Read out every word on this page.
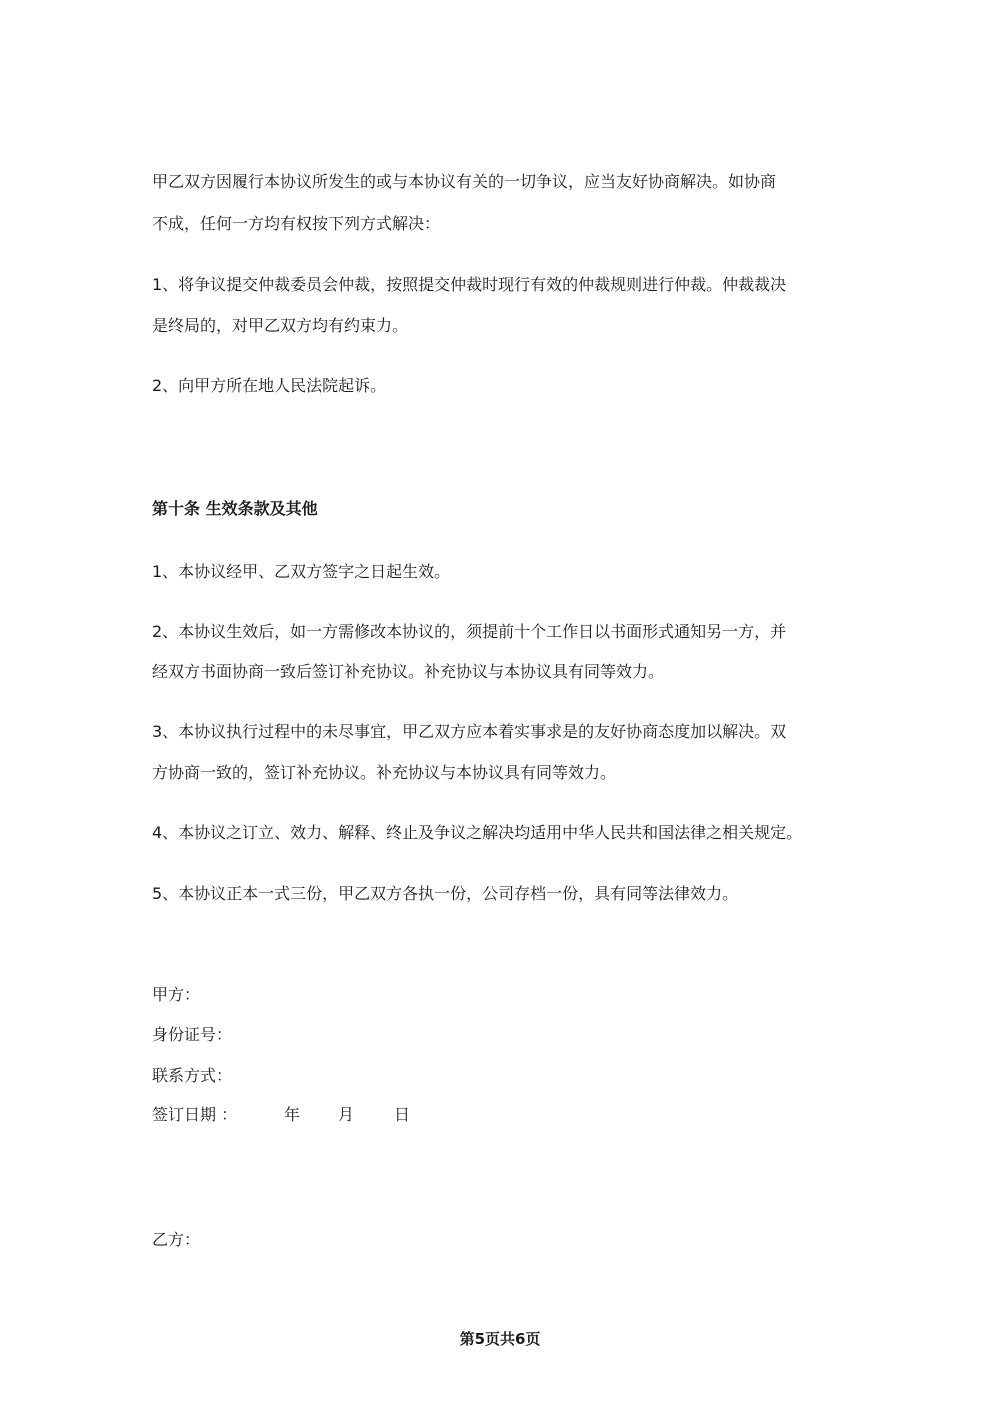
甲乙双方因履行本协议所发生的或与本协议有关的一切争议，应当友好协商解决。如协商
不成，任何一方均有权按下列方式解决：
1、将争议提交仲裁委员会仲裁，按照提交仲裁时现行有效的仲裁规则进行仲裁。仲裁裁决
是终局的，对甲乙双方均有约束力。
2、向甲方所在地人民法院起诉。
第十条 生效条款及其他
1、本协议经甲、乙双方签字之日起生效。
2、本协议生效后，如一方需修改本协议的，须提前十个工作日以书面形式通知另一方，并
经双方书面协商一致后签订补充协议。补充协议与本协议具有同等效力。
3、本协议执行过程中的未尽事宜，甲乙双方应本着实事求是的友好协商态度加以解决。双
方协商一致的，签订补充协议。补充协议与本协议具有同等效力。
4、本协议之订立、效力、解释、终止及争议之解决均适用中华人民共和国法律之相关规定。
5、本协议正本一式三份，甲乙双方各执一份，公司存档一份，具有同等法律效力。
甲方：
身份证号：
联系方式：
签订日期 ：	年	月	日
乙方：
第5页共6页
